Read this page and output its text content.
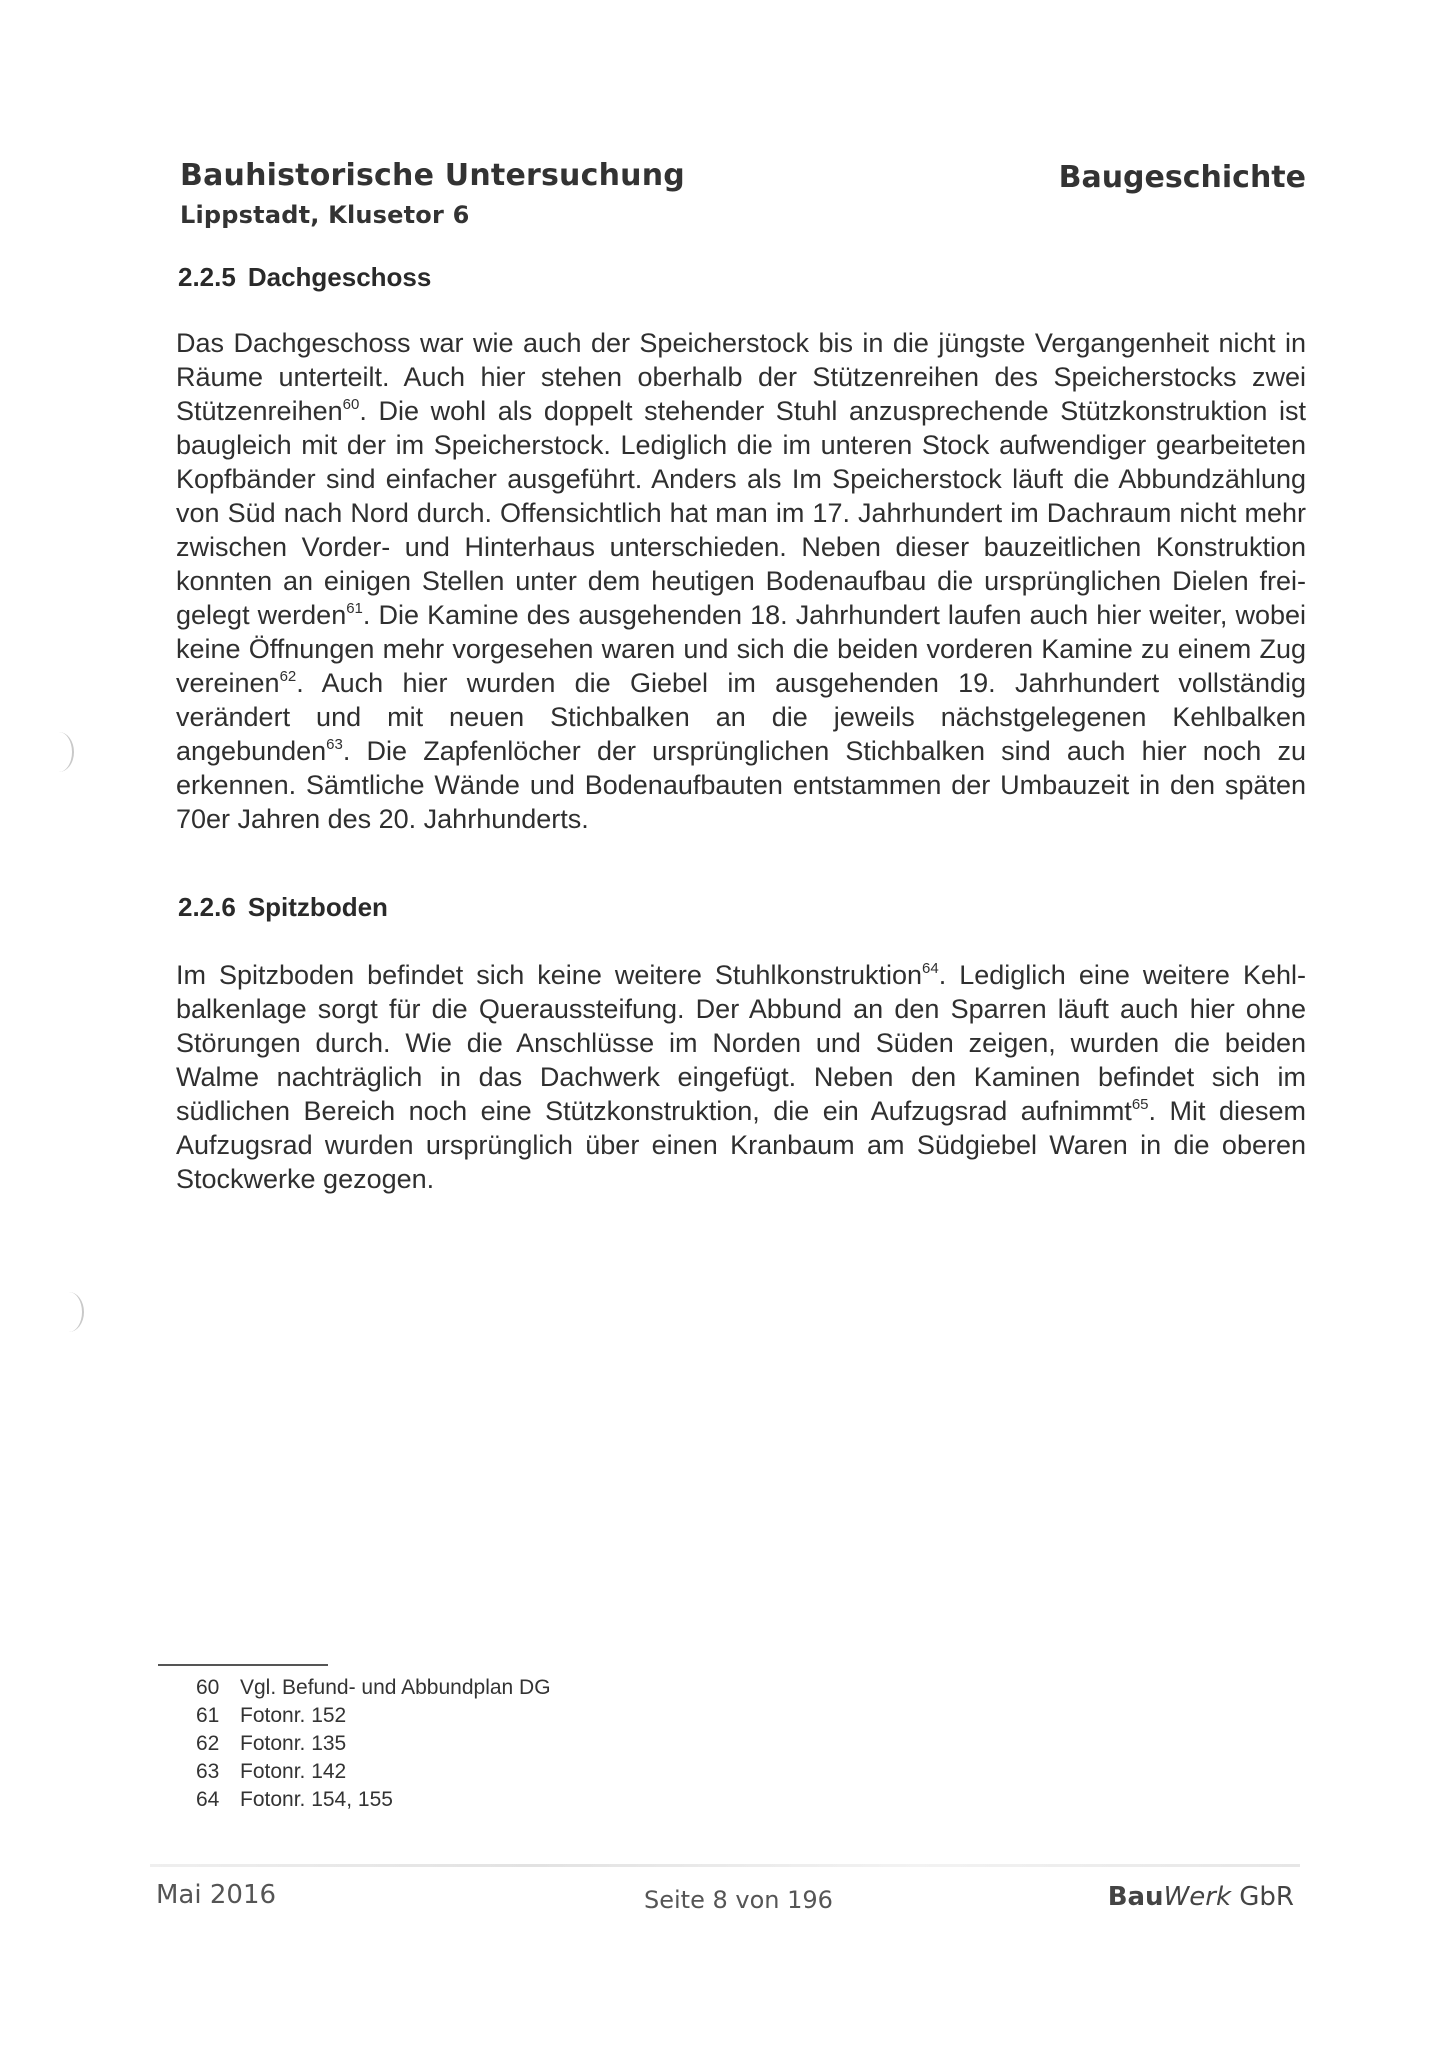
Bauhistorische Untersuchung
Lippstadt, Klusetor 6
Baugeschichte
2.2.5 Dachgeschoss

Das Dachgeschoss war wie auch der Speicherstock bis in die jüngste Vergangenheit nicht in Räume unterteilt. Auch hier stehen oberhalb der Stützenreihen des Speicherstocks zwei Stützenreihen$^{60}$. Die wohl als doppelt stehender Stuhl anzusprechende Stützkonstruktion ist baugleich mit der im Speicherstock. Lediglich die im unteren Stock aufwendiger gearbeiteten Kopfbänder sind einfacher ausgeführt. Anders als Im Speicherstock läuft die Abbundzählung von Süd nach Nord durch. Offensichtlich hat man im 17. Jahrhundert im Dachraum nicht mehr zwischen Vorder- und Hinterhaus unterschieden. Neben dieser bauzeitlichen Konstruktion konnten an einigen Stellen unter dem heutigen Bodenaufbau die ursprünglichen Dielen frei-gelegt werden$^{61}$. Die Kamine des ausgehenden 18. Jahrhundert laufen auch hier weiter, wobei keine Öffnungen mehr vorgesehen waren und sich die beiden vorderen Kamine zu einem Zug vereinen$^{62}$. Auch hier wurden die Giebel im ausgehenden 19. Jahrhundert vollständig verändert und mit neuen Stichbalken an die jeweils nächstgelegenen Kehlbalken angebunden$^{63}$. Die Zapfenlöcher der ursprünglichen Stichbalken sind auch hier noch zu erkennen. Sämtliche Wände und Bodenaufbauten entstammen der Umbauzeit in den späten 70er Jahren des 20. Jahrhunderts.

2.2.6 Spitzboden

Im Spitzboden befindet sich keine weitere Stuhlkonstruktion$^{64}$. Lediglich eine weitere Kehl-balkenlage sorgt für die Queraussteifung. Der Abbund an den Sparren läuft auch hier ohne Störungen durch. Wie die Anschlüsse im Norden und Süden zeigen, wurden die beiden Walme nachträglich in das Dachwerk eingefügt. Neben den Kaminen befindet sich im südlichen Bereich noch eine Stützkonstruktion, die ein Aufzugsrad aufnimmt$^{65}$. Mit diesem Aufzugsrad wurden ursprünglich über einen Kranbaum am Südgiebel Waren in die oberen Stockwerke gezogen.

60 Vgl. Befund- und Abbundplan DG
61 Fotonr. 152
62 Fotonr. 135
63 Fotonr. 142
64 Fotonr. 154, 155
Mai 2016	Seite 8 von 196	BauWerk GbR
